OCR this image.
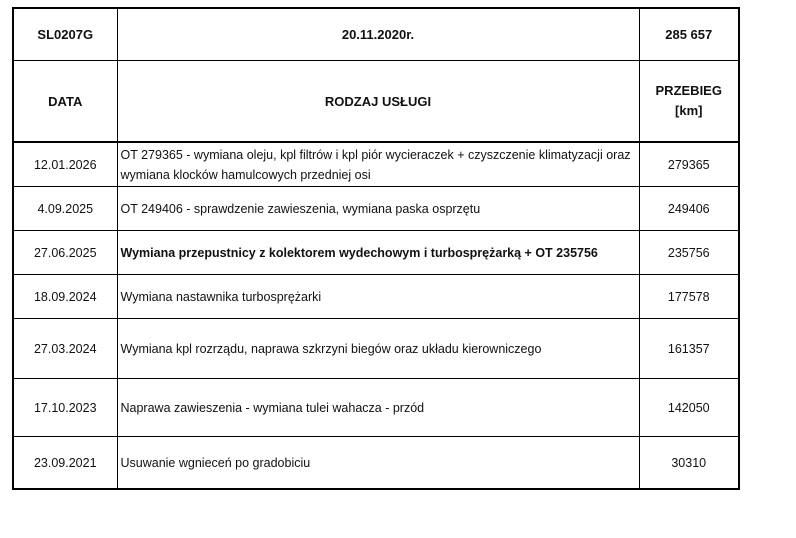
SL0207G	20.11.2020r.	285 657
DATA	RODZAJ USŁUGI	PRZEBIEG
[km]

12.01.2026	OT 279365 - wymiana oleju, kpl filtrów i kpl piór wycieraczek + czyszczenie klimatyzacji oraz wymiana klocków hamulcowych przedniej osi	279365
4.09.2025	OT 249406 - sprawdzenie zawieszenia, wymiana paska osprzętu	249406
27.06.2025	Wymiana przepustnicy z kolektorem wydechowym i turbosprężarką + OT 235756	235756
18.09.2024	Wymiana nastawnika turbosprężarki	177578
27.03.2024	Wymiana kpl rozrządu, naprawa szkrzyni biegów oraz układu kierowniczego	161357
17.10.2023	Naprawa zawieszenia - wymiana tulei wahacza - przód	142050
23.09.2021	Usuwanie wgnieceń po gradobiciu	30310
